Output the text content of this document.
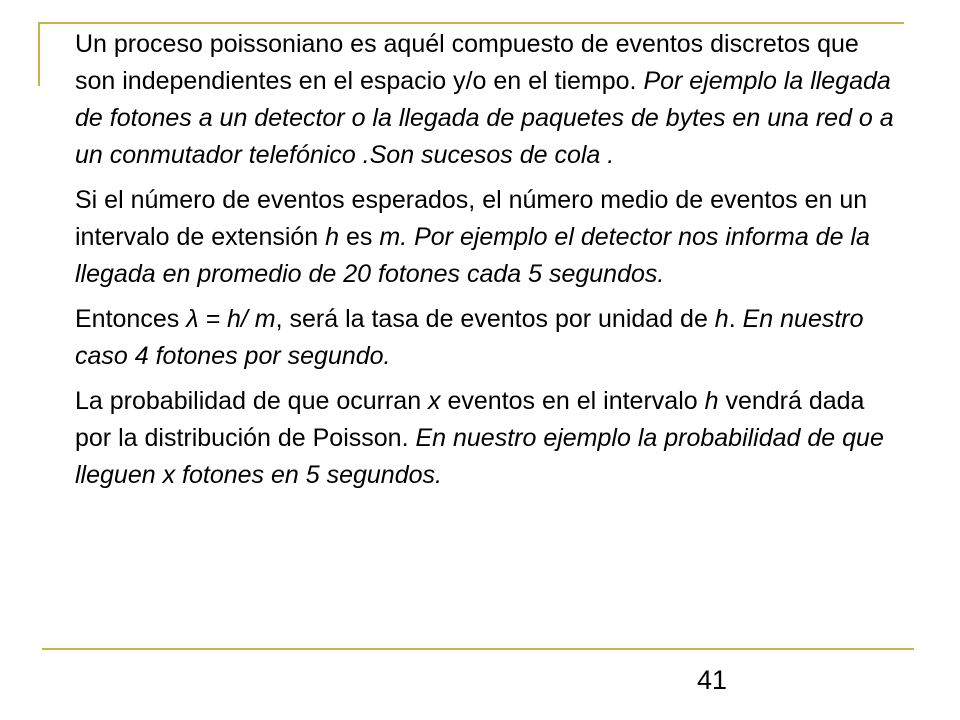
Un proceso poissoniano es aquél compuesto de eventos discretos que son independientes en el espacio y/o en el tiempo. Por ejemplo la llegada de fotones a un detector o la llegada de paquetes de bytes en una red o a un conmutador telefónico .Son sucesos de cola .

Si el número de eventos esperados, el número medio de eventos en un intervalo de extensión h es m. Por ejemplo el detector nos informa de la llegada en promedio de 20 fotones cada 5 segundos.

Entonces λ = h/ m, será la tasa de eventos por unidad de h. En nuestro caso 4 fotones por segundo.

La probabilidad de que ocurran x eventos en el intervalo h vendrá dada por la distribución de Poisson. En nuestro ejemplo la probabilidad de que lleguen x fotones en 5 segundos.

41
